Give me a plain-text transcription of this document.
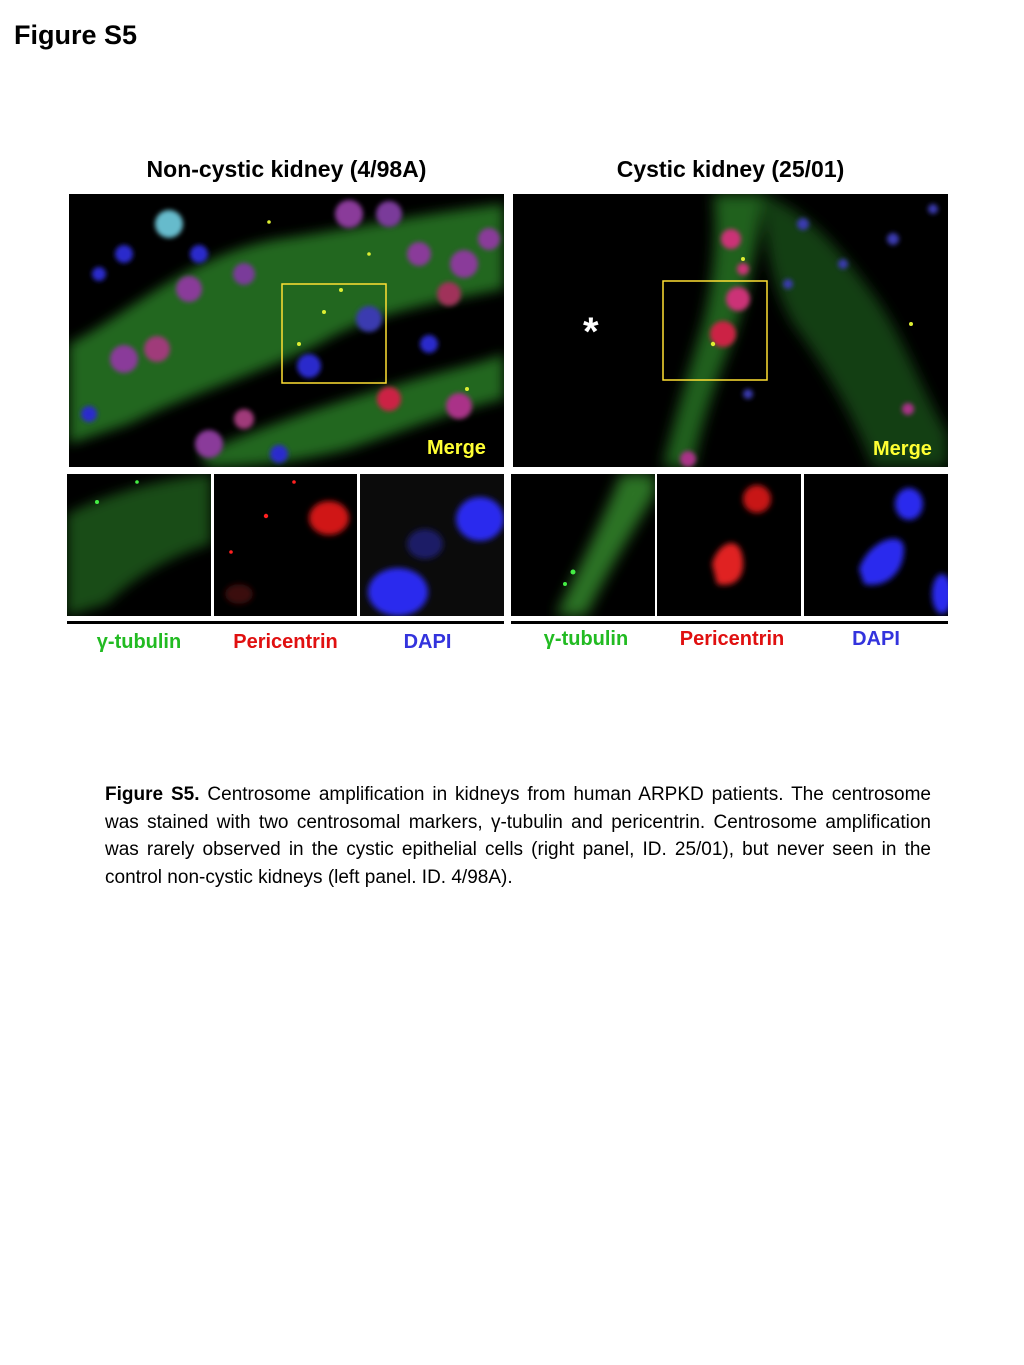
Figure S5
Non-cystic kidney (4/98A)	Cystic kidney (25/01)
Merge
*
Merge
γ-tubulin	Pericentrin	DAPI	γ-tubulin	Pericentrin	DAPI
Figure S5. Centrosome amplification in kidneys from human ARPKD patients. The centrosome was stained with two centrosomal markers, γ-tubulin and pericentrin. Centrosome amplification was rarely observed in the cystic epithelial cells (right panel, ID. 25/01), but never seen in the control non-cystic kidneys (left panel. ID. 4/98A).
